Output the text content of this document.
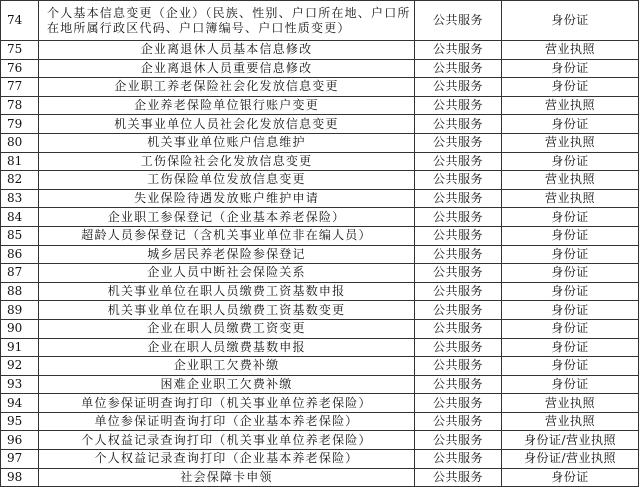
74	个人基本信息变更（企业）（民族、性别、户口所在地、户口所在地所属行政区代码、户口簿编号、户口性质变更）	公共服务	身份证
75	企业离退休人员基本信息修改	公共服务	营业执照
76	企业离退休人员重要信息修改	公共服务	身份证
77	企业职工养老保险社会化发放信息变更	公共服务	身份证
78	企业养老保险单位银行账户变更	公共服务	营业执照
79	机关事业单位人员社会化发放信息变更	公共服务	身份证
80	机关事业单位账户信息维护	公共服务	营业执照
81	工伤保险社会化发放信息变更	公共服务	身份证
82	工伤保险单位发放信息变更	公共服务	营业执照
83	失业保险待遇发放账户维护申请	公共服务	营业执照
84	企业职工参保登记（企业基本养老保险）	公共服务	身份证
85	超龄人员参保登记（含机关事业单位非在编人员）	公共服务	身份证
86	城乡居民养老保险参保登记	公共服务	身份证
87	企业人员中断社会保险关系	公共服务	身份证
88	机关事业单位在职人员缴费工资基数申报	公共服务	身份证
89	机关事业单位在职人员缴费工资基数变更	公共服务	身份证
90	企业在职人员缴费工资变更	公共服务	身份证
91	企业在职人员缴费基数申报	公共服务	身份证
92	企业职工欠费补缴	公共服务	身份证
93	困难企业职工欠费补缴	公共服务	身份证
94	单位参保证明查询打印（机关事业单位养老保险）	公共服务	营业执照
95	单位参保证明查询打印（企业基本养老保险）	公共服务	营业执照
96	个人权益记录查询打印（机关事业单位养老保险）	公共服务	身份证/营业执照
97	个人权益记录查询打印（企业基本养老保险）	公共服务	身份证/营业执照
98	社会保障卡申领	公共服务	身份证
